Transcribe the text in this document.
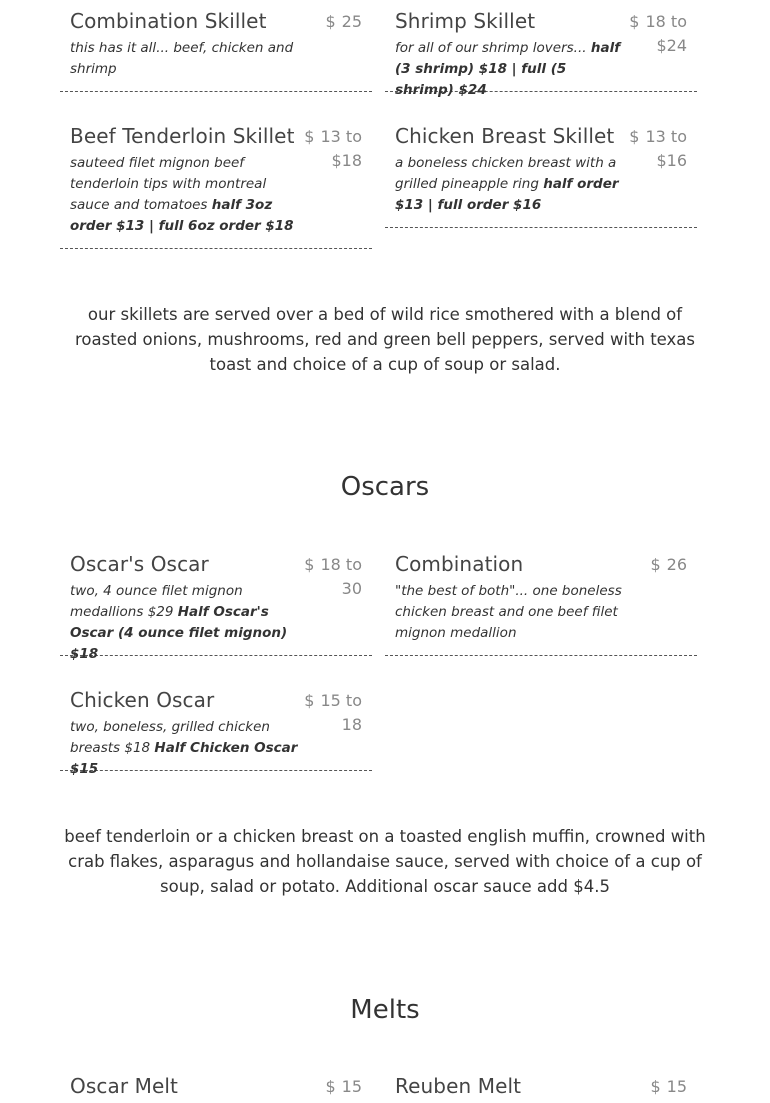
Combination Skillet	$ 25
this has it all... beef, chicken and shrimp
Shrimp Skillet	$ 18 to $24
for all of our shrimp lovers... half (3 shrimp) $18 | full (5 shrimp) $24
Beef Tenderloin Skillet $ 13 to $18
sauteed filet mignon beef tenderloin tips with montreal sauce and tomatoes half 3oz order $13 | full 6oz order $18
Chicken Breast Skillet $ 13 to $16
a boneless chicken breast with a grilled pineapple ring half order $13 | full order $16
our skillets are served over a bed of wild rice smothered with a blend of roasted onions, mushrooms, red and green bell peppers, served with texas toast and choice of a cup of soup or salad.
Oscars
Oscar's Oscar	$ 18 to 30
two, 4 ounce filet mignon medallions $29 Half Oscar's Oscar (4 ounce filet mignon) $18
Combination	$ 26
"the best of both"... one boneless chicken breast and one beef filet mignon medallion
Chicken Oscar	$ 15 to 18
two, boneless, grilled chicken breasts $18 Half Chicken Oscar $15
beef tenderloin or a chicken breast on a toasted english muffin, crowned with crab flakes, asparagus and hollandaise sauce, served with choice of a cup of soup, salad or potato. Additional oscar sauce add $4.5
Melts
Oscar Melt	$ 15 Reuben Melt	$ 15
